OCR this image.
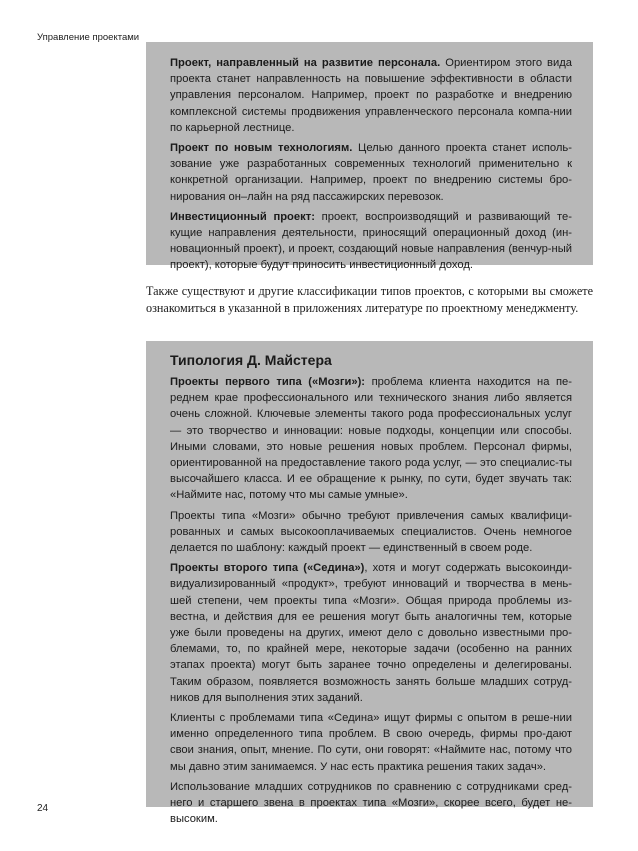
Управление проектами

Проект, направленный на развитие персонала. Ориентиром этого вида проекта станет направленность на повышение эффективности в области управления персоналом. Например, проект по разработке и внедрению комплексной системы продвижения управленческого персонала компа-нии по карьерной лестнице.

Проект по новым технологиям. Целью данного проекта станет исполь-зование уже разработанных современных технологий применительно к конкретной организации. Например, проект по внедрению системы бро-нирования он–лайн на ряд пассажирских перевозок.

Инвестиционный проект: проект, воспроизводящий и развивающий те-кущие направления деятельности, приносящий операционный доход (ин-новационный проект), и проект, создающий новые направления (венчур-ный проект), которые будут приносить инвестиционный доход.

Также существуют и другие классификации типов проектов, с которыми вы сможете ознакомиться в указанной в приложениях литературе по проектному менеджменту.

Типология Д. Майстера

Проекты первого типа («Мозги»): проблема клиента находится на пе-реднем крае профессионального или технического знания либо является очень сложной. Ключевые элементы такого рода профессиональных услуг — это творчество и инновации: новые подходы, концепции или способы. Иными словами, это новые решения новых проблем. Персонал фирмы, ориентированной на предоставление такого рода услуг, — это специалис-ты высочайшего класса. И ее обращение к рынку, по сути, будет звучать так: «Наймите нас, потому что мы самые умные».

Проекты типа «Мозги» обычно требуют привлечения самых квалифици-рованных и самых высокооплачиваемых специалистов. Очень немногое делается по шаблону: каждый проект — единственный в своем роде.

Проекты второго типа («Седина»), хотя и могут содержать высокоинди-видуализированный «продукт», требуют инноваций и творчества в мень-шей степени, чем проекты типа «Мозги». Общая природа проблемы из-вестна, и действия для ее решения могут быть аналогичны тем, которые уже были проведены на других, имеют дело с довольно известными про-блемами, то, по крайней мере, некоторые задачи (особенно на ранних этапах проекта) могут быть заранее точно определены и делегированы. Таким образом, появляется возможность занять больше младших сотруд-ников для выполнения этих заданий.

Клиенты с проблемами типа «Седина» ищут фирмы с опытом в реше-нии именно определенного типа проблем. В свою очередь, фирмы про-дают свои знания, опыт, мнение. По сути, они говорят: «Наймите нас, потому что мы давно этим занимаемся. У нас есть практика решения таких задач».

Использование младших сотрудников по сравнению с сотрудниками сред-него и старшего звена в проектах типа «Мозги», скорее всего, будет не-высоким.

24
